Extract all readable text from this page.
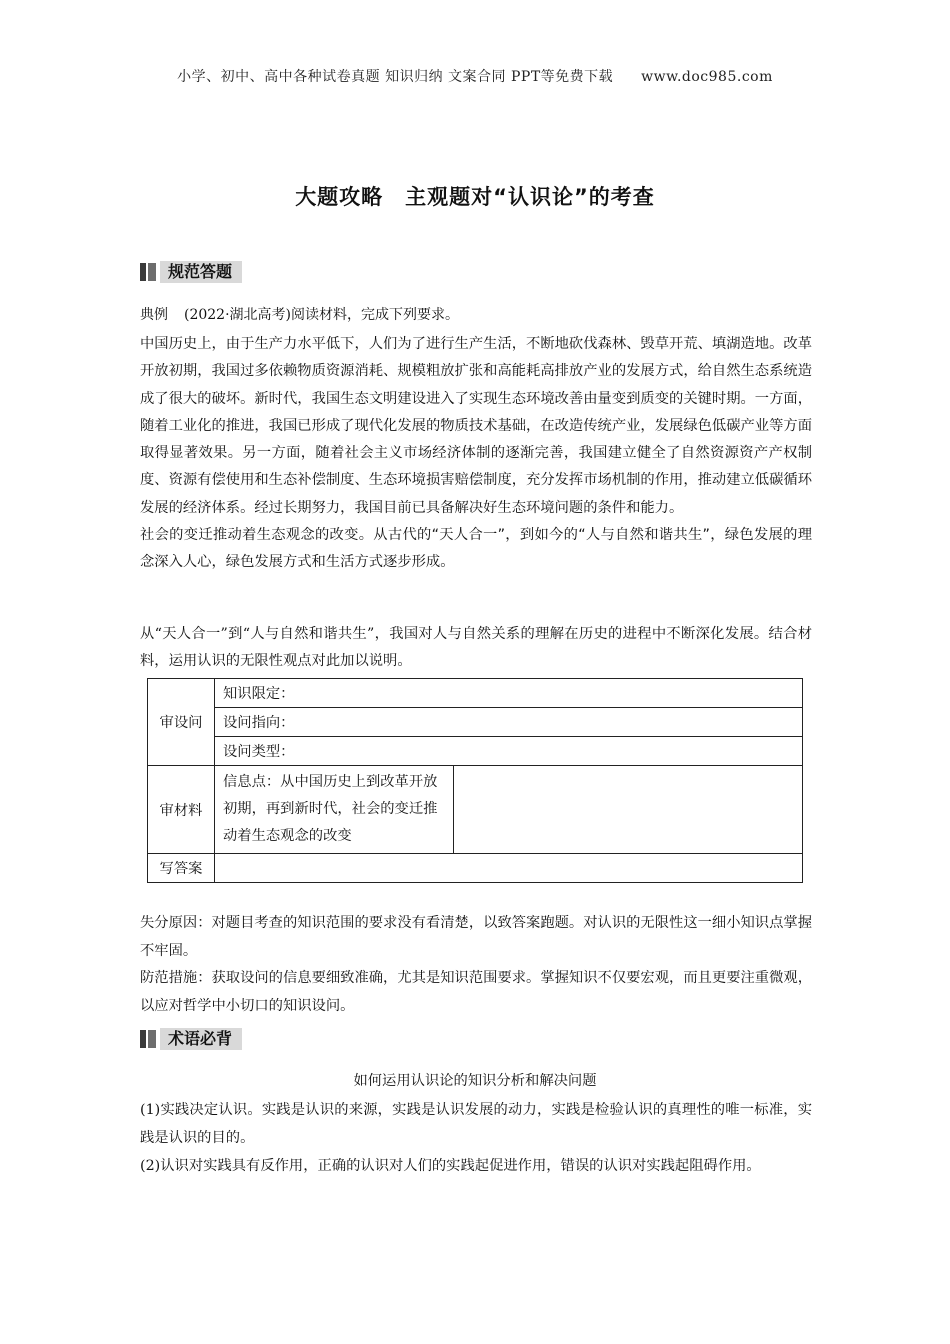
小学、初中、高中各种试卷真题 知识归纳 文案合同 PPT等免费下载 www.doc985.com
大题攻略　主观题对“认识论”的考查
规范答题
典例 (2022·湖北高考)阅读材料，完成下列要求。

中国历史上，由于生产力水平低下，人们为了进行生产生活，不断地砍伐森林、毁草开荒、填湖造地。改革开放初期，我国过多依赖物质资源消耗、规模粗放扩张和高能耗高排放产业的发展方式，给自然生态系统造成了很大的破坏。新时代，我国生态文明建设进入了实现生态环境改善由量变到质变的关键时期。一方面，随着工业化的推进，我国已形成了现代化发展的物质技术基础，在改造传统产业，发展绿色低碳产业等方面取得显著效果。另一方面，随着社会主义市场经济体制的逐渐完善，我国建立健全了自然资源资产产权制度、资源有偿使用和生态补偿制度、生态环境损害赔偿制度，充分发挥市场机制的作用，推动建立低碳循环发展的经济体系。经过长期努力，我国目前已具备解决好生态环境问题的条件和能力。

社会的变迁推动着生态观念的改变。从古代的“天人合一”，到如今的“人与自然和谐共生”，绿色发展的理念深入人心，绿色发展方式和生活方式逐步形成。

从“天人合一”到“人与自然和谐共生”，我国对人与自然关系的理解在历史的进程中不断深化发展。结合材料，运用认识的无限性观点对此加以说明。
审设问	知识限定：	
	设问指向：	
	设问类型：	
审材料	信息点：从中国历史上到改革开放初期，再到新时代，社会的变迁推动着生态观念的改变	
写答案		

失分原因：对题目考查的知识范围的要求没有看清楚，以致答案跑题。对认识的无限性这一细小知识点掌握不牢固。

防范措施：获取设问的信息要细致准确，尤其是知识范围要求。掌握知识不仅要宏观，而且更要注重微观，以应对哲学中小切口的知识设问。

术语必背
如何运用认识论的知识分析和解决问题

(1)实践决定认识。实践是认识的来源，实践是认识发展的动力，实践是检验认识的真理性的唯一标准，实践是认识的目的。

(2)认识对实践具有反作用，正确的认识对人们的实践起促进作用，错误的认识对实践起阻碍作用。
